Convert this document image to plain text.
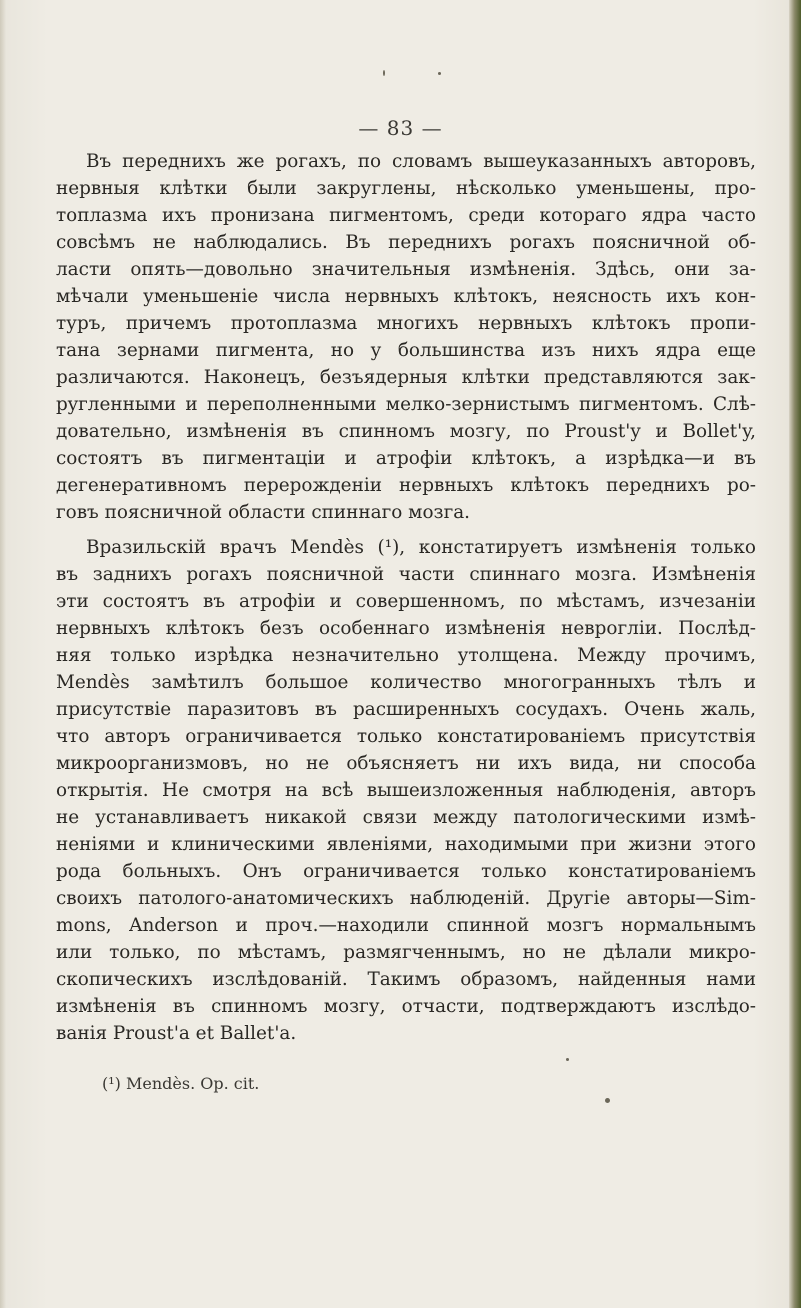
— 83 —

Въ переднихъ же рогахъ, по словамъ вышеуказанныхъ авторовъ,

нервныя клѣтки были закруглены, нѣсколько уменьшены, про-

топлазма ихъ пронизана пигментомъ, среди котораго ядра часто

совсѣмъ не наблюдались. Въ переднихъ рогахъ поясничной об-

ласти опять—довольно значительныя измѣненія. Здѣсь, они за-

мѣчали уменьшеніе числа нервныхъ клѣтокъ, неясность ихъ кон-

туръ, причемъ протоплазма многихъ нервныхъ клѣтокъ пропи-

тана зернами пигмента, но у большинства изъ нихъ ядра еще

различаются. Наконецъ, безъядерныя клѣтки представляются зак-

рyгленными и переполненными мелко-зернистымъ пигментомъ. Слѣ-

довательно, измѣненія въ спинномъ мозгу, по Proust'y и Bollet'y,

состоятъ въ пигментаціи и атрофіи клѣтокъ, а изрѣдка—и въ

дегенеративномъ перерожденіи нервныхъ клѣтокъ переднихъ ро-

говъ поясничной области спиннаго мозга.

Вразильскій врачъ Mendès (¹), констатируетъ измѣненія только

въ заднихъ рогахъ поясничной части спиннаго мозга. Измѣненія

эти состоятъ въ атрофіи и совершенномъ, по мѣстамъ, изчезаніи

нервныхъ клѣтокъ безъ особеннаго измѣненія невроглiи. Послѣд-

няя только изрѣдка незначительно утолщена. Между прочимъ,

Mendès замѣтилъ большое количество многогранныхъ тѣлъ и

присутствіе паразитовъ въ расширенныхъ сосудахъ. Очень жаль,

что авторъ ограничивается только констатированіемъ присутствія

микроорганизмовъ, но не объясняетъ ни ихъ вида, ни способа

открытія. Не смотря на всѣ вышеизложенныя наблюденія, авторъ

не устанавливаетъ никакой связи между патологическими измѣ-

неніями и клиническими явленіями, находимыми при жизни этого

рода больныхъ. Онъ ограничивается только констатированіемъ

своихъ патолого-анатомическихъ наблюденій. Другіе авторы—Sim-

mons, Anderson и проч.—находили спинной мозгъ нормальнымъ

или только, по мѣстамъ, размягченнымъ, но не дѣлали микро-

скопическихъ изслѣдованій. Такимъ образомъ, найденныя нами

измѣненія въ спинномъ мозгу, отчасти, подтверждаютъ изслѣдо-

ванія Proust'a et Ballet'a.

(¹) Mendès. Op. cit.
